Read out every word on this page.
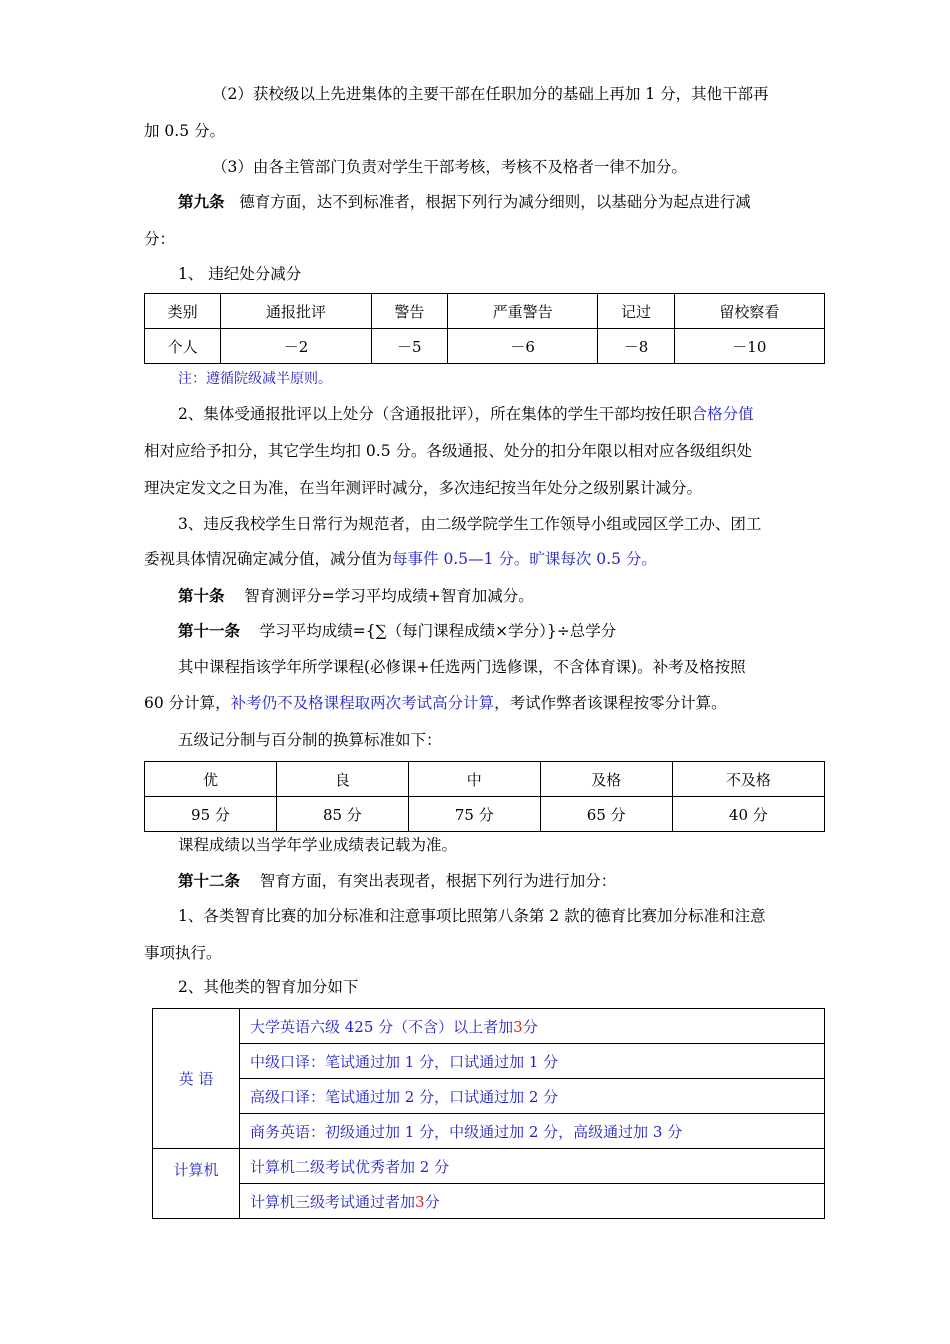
（2）获校级以上先进集体的主要干部在任职加分的基础上再加 1 分，其他干部再
加 0.5 分。
（3）由各主管部门负责对学生干部考核，考核不及格者一律不加分。
第九条 德育方面，达不到标准者，根据下列行为减分细则，以基础分为起点进行减
分：
1、 违纪处分减分
类别	通报批评	警告	严重警告	记过	留校察看
个人	－2	－5	－6	－8	－10
注：遵循院级减半原则。
2、集体受通报批评以上处分（含通报批评），所在集体的学生干部均按任职合格分值
相对应给予扣分，其它学生均扣 0.5 分。各级通报、处分的扣分年限以相对应各级组织处
理决定发文之日为准，在当年测评时减分，多次违纪按当年处分之级别累计减分。
3、违反我校学生日常行为规范者，由二级学院学生工作领导小组或园区学工办、团工
委视具体情况确定减分值，减分值为每事件 0.5—1 分。旷课每次 0.5 分。
第十条 智育测评分=学习平均成绩+智育加减分。
第十一条 学习平均成绩={∑（每门课程成绩×学分）}÷总学分
其中课程指该学年所学课程(必修课+任选两门选修课，不含体育课)。补考及格按照
60 分计算，补考仍不及格课程取两次考试高分计算，考试作弊者该课程按零分计算。
五级记分制与百分制的换算标准如下：
优	良	中	及格	不及格
95 分	85 分	75 分	65 分	40 分
课程成绩以当学年学业成绩表记载为准。
第十二条 智育方面，有突出表现者，根据下列行为进行加分：
1、各类智育比赛的加分标准和注意事项比照第八条第 2 款的德育比赛加分标准和注意
事项执行。
2、其他类的智育加分如下
英 语	大学英语六级 425 分（不含）以上者加3分
	中级口译：笔试通过加 1 分，口试通过加 1 分
	高级口译：笔试通过加 2 分，口试通过加 2 分
	商务英语：初级通过加 1 分，中级通过加 2 分，高级通过加 3 分
计算机	计算机二级考试优秀者加 2 分
	计算机三级考试通过者加3分
